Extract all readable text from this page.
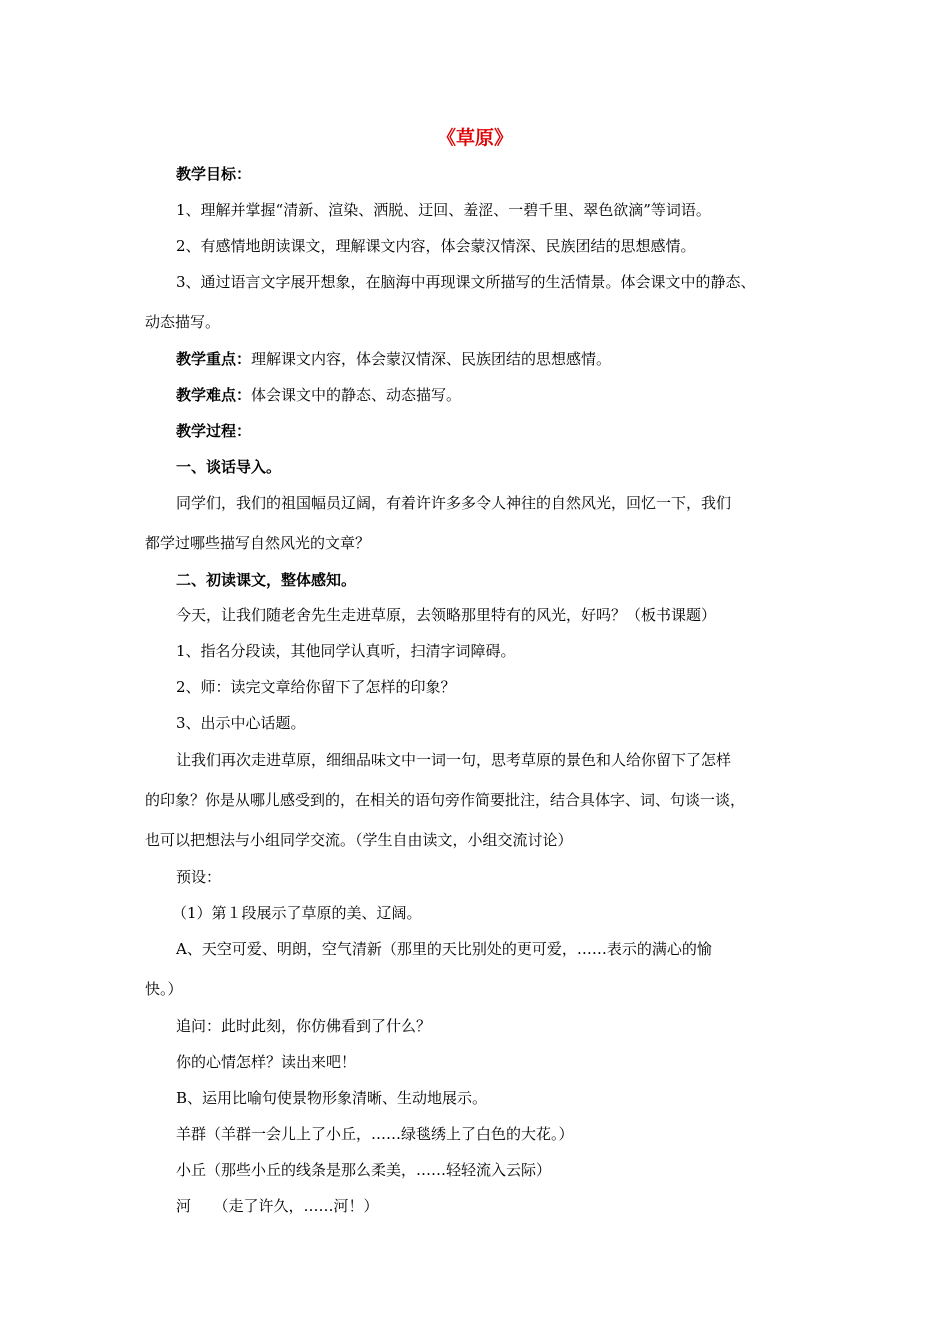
《草原》
教学目标：
1、理解并掌握“清新、渲染、洒脱、迂回、羞涩、一碧千里、翠色欲滴”等词语。
2、有感情地朗读课文，理解课文内容，体会蒙汉情深、民族团结的思想感情。
3、通过语言文字展开想象，在脑海中再现课文所描写的生活情景。体会课文中的静态、
动态描写。
教学重点：理解课文内容，体会蒙汉情深、民族团结的思想感情。
教学难点：体会课文中的静态、动态描写。
教学过程：
一、谈话导入。
同学们，我们的祖国幅员辽阔，有着许许多多令人神往的自然风光，回忆一下，我们
都学过哪些描写自然风光的文章？
二、初读课文，整体感知。
今天，让我们随老舍先生走进草原，去领略那里特有的风光，好吗？（板书课题）
1、指名分段读，其他同学认真听，扫清字词障碍。
2、师：读完文章给你留下了怎样的印象？
3、出示中心话题。
让我们再次走进草原，细细品味文中一词一句，思考草原的景色和人给你留下了怎样
的印象？你是从哪儿感受到的，在相关的语句旁作简要批注，结合具体字、词、句谈一谈，
也可以把想法与小组同学交流。（学生自由读文，小组交流讨论）
预设：
（1）第１段展示了草原的美、辽阔。
A、天空可爱、明朗，空气清新（那里的天比别处的更可爱，……表示的满心的愉
快。）
追问：此时此刻，你仿佛看到了什么？
你的心情怎样？读出来吧！
B、运用比喻句使景物形象清晰、生动地展示。
羊群（羊群一会儿上了小丘，……绿毯绣上了白色的大花。）
小丘（那些小丘的线条是那么柔美，……轻轻流入云际）
河　　（走了许久，……河！）
